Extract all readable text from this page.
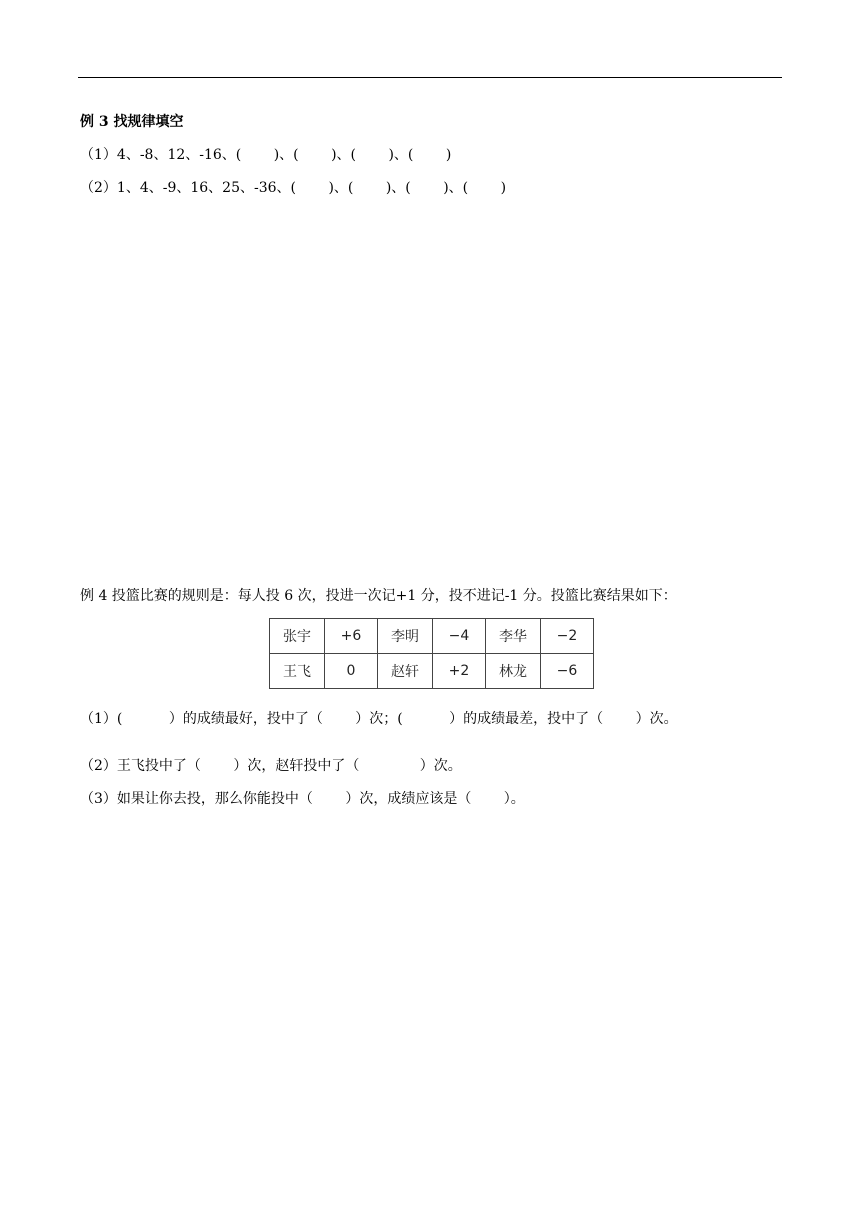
例 3 找规律填空
（1）4、-8、12、-16、(　　 )、(　　 )、(　　 )、(　　 )
（2）1、4、-9、16、25、-36、(　　 )、(　　 )、(　　 )、(　　 )
例 4 投篮比赛的规则是：每人投 6 次，投进一次记+1 分，投不进记-1 分。投篮比赛结果如下：
张宇	+6	李明	−4	李华	−2
王飞	0	赵轩	+2	林龙	−6
（1）(　　　 ）的成绩最好，投中了（　　 ）次；(　　　 ）的成绩最差，投中了（　　 ）次。
（2）王飞投中了（　　 ）次，赵轩投中了（　　　　 ）次。
（3）如果让你去投，那么你能投中（　　 ）次，成绩应该是（　　 ）。
